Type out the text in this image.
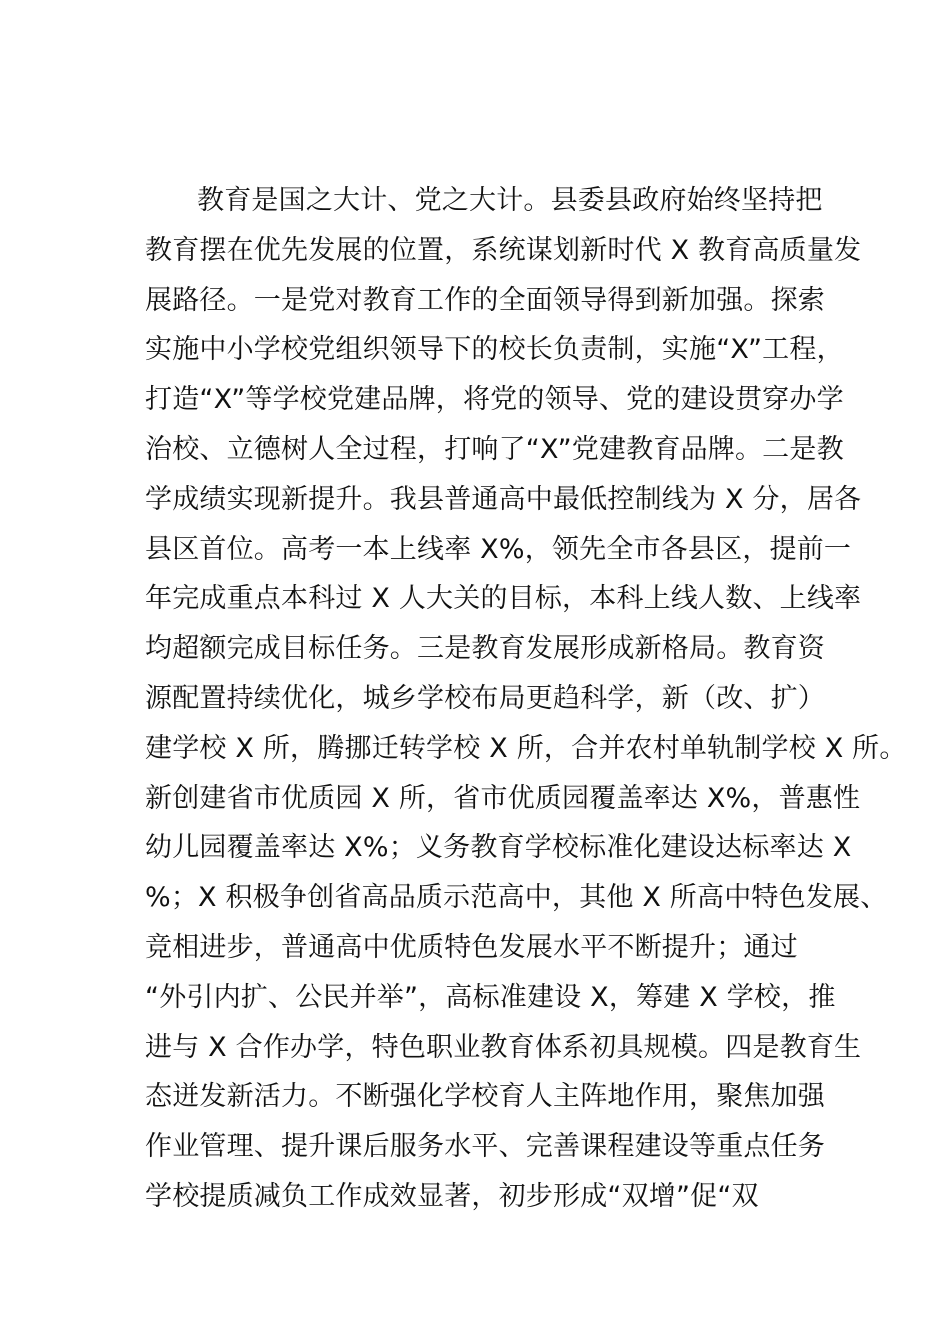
教育是国之大计、党之大计。县委县政府始终坚持把
教育摆在优先发展的位置，系统谋划新时代 X 教育高质量发
展路径。一是党对教育工作的全面领导得到新加强。探索
实施中小学校党组织领导下的校长负责制，实施“X”工程，
打造“X”等学校党建品牌，将党的领导、党的建设贯穿办学
治校、立德树人全过程，打响了“X”党建教育品牌。二是教
学成绩实现新提升。我县普通高中最低控制线为 X 分，居各
县区首位。高考一本上线率 X%，领先全市各县区，提前一
年完成重点本科过 X 人大关的目标，本科上线人数、上线率
均超额完成目标任务。三是教育发展形成新格局。教育资
源配置持续优化，城乡学校布局更趋科学，新（改、扩）
建学校 X 所，腾挪迁转学校 X 所，合并农村单轨制学校 X 所。
新创建省市优质园 X 所，省市优质园覆盖率达 X%，普惠性
幼儿园覆盖率达 X%；义务教育学校标准化建设达标率达 X
%；X 积极争创省高品质示范高中，其他 X 所高中特色发展、
竞相进步，普通高中优质特色发展水平不断提升；通过
“外引内扩、公民并举”，高标准建设 X，筹建 X 学校，推
进与 X 合作办学，特色职业教育体系初具规模。四是教育生
态迸发新活力。不断强化学校育人主阵地作用，聚焦加强
作业管理、提升课后服务水平、完善课程建设等重点任务
学校提质减负工作成效显著，初步形成“双增”促“双
